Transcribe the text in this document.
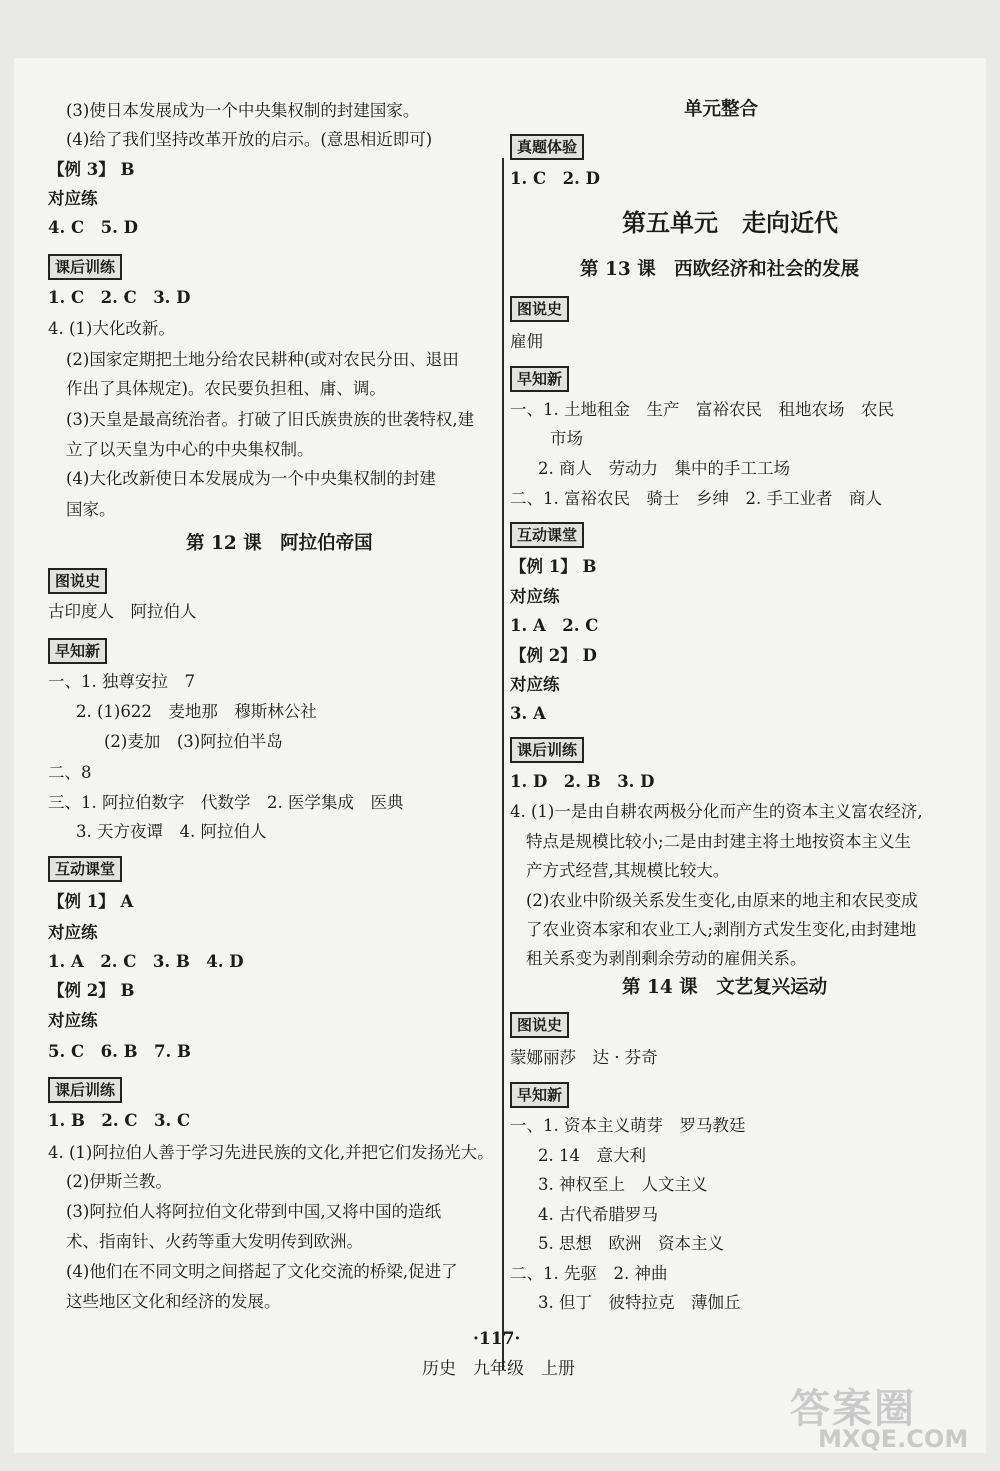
(3)使日本发展成为一个中央集权制的封建国家。
(4)给了我们坚持改革开放的启示。(意思相近即可)
【例 3】 B
对应练
4. C　5. D
课后训练
1. C　2. C　3. D
4. (1)大化改新。
(2)国家定期把土地分给农民耕种(或对农民分田、退田
作出了具体规定)。农民要负担租、庸、调。
(3)天皇是最高统治者。打破了旧氏族贵族的世袭特权,建
立了以天皇为中心的中央集权制。
(4)大化改新使日本发展成为一个中央集权制的封建
国家。
第 12 课　阿拉伯帝国
图说史
古印度人　阿拉伯人
早知新
一、1. 独尊安拉　7
2. (1)622　麦地那　穆斯林公社
(2)麦加　(3)阿拉伯半岛
二、8
三、1. 阿拉伯数字　代数学　2. 医学集成　医典
3. 天方夜谭　4. 阿拉伯人
互动课堂
【例 1】 A
对应练
1. A　2. C　3. B　4. D
【例 2】 B
对应练
5. C　6. B　7. B
课后训练
1. B　2. C　3. C
4. (1)阿拉伯人善于学习先进民族的文化,并把它们发扬光大。
(2)伊斯兰教。
(3)阿拉伯人将阿拉伯文化带到中国,又将中国的造纸
术、指南针、火药等重大发明传到欧洲。
(4)他们在不同文明之间搭起了文化交流的桥梁,促进了
这些地区文化和经济的发展。
单元整合
真题体验
1. C　2. D
第五单元　走向近代
第 13 课　西欧经济和社会的发展
图说史
雇佣
早知新
一、1. 土地租金　生产　富裕农民　租地农场　农民
市场
2. 商人　劳动力　集中的手工工场
二、1. 富裕农民　骑士　乡绅　2. 手工业者　商人
互动课堂
【例 1】 B
对应练
1. A　2. C
【例 2】 D
对应练
3. A
课后训练
1. D　2. B　3. D
4. (1)一是由自耕农两极分化而产生的资本主义富农经济,
特点是规模比较小;二是由封建主将土地按资本主义生
产方式经营,其规模比较大。
(2)农业中阶级关系发生变化,由原来的地主和农民变成
了农业资本家和农业工人;剥削方式发生变化,由封建地
租关系变为剥削剩余劳动的雇佣关系。
第 14 课　文艺复兴运动
图说史
蒙娜丽莎　达 · 芬奇
早知新
一、1. 资本主义萌芽　罗马教廷
2. 14　意大利
3. 神权至上　人文主义
4. 古代希腊罗马
5. 思想　欧洲　资本主义
二、1. 先驱　2. 神曲
3. 但丁　彼特拉克　薄伽丘
·117·
历史　九年级　上册
答案圈
MXQE.COM
